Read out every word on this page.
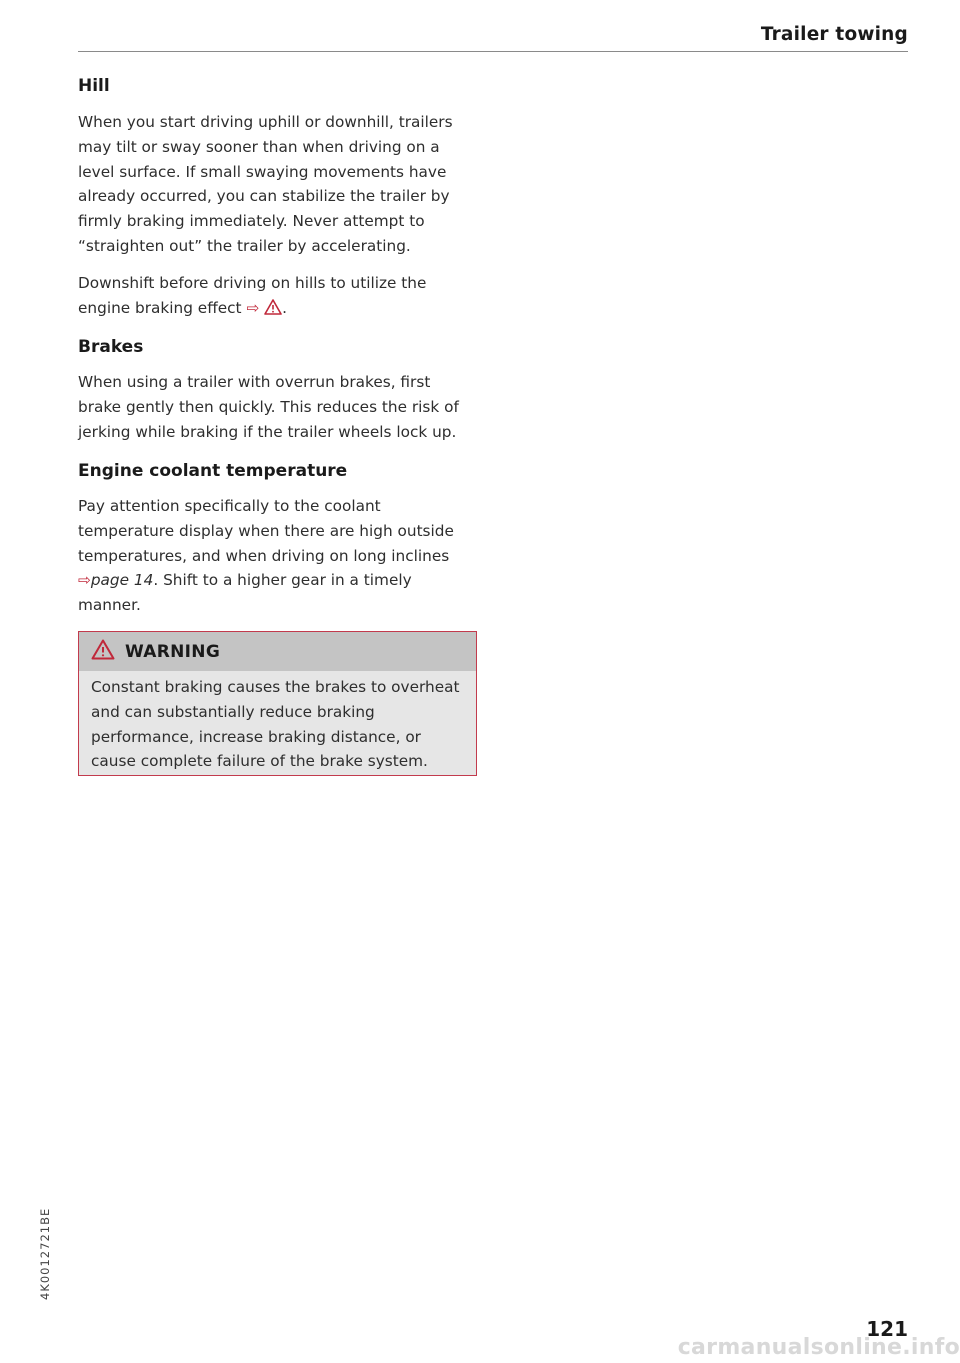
Trailer towing
Hill

When you start driving uphill or downhill, trailers may tilt or sway sooner than when driving on a level surface. If small swaying movements have already occurred, you can stabilize the trailer by firmly braking immediately. Never attempt to “straighten out” the trailer by accelerating.

Downshift before driving on hills to utilize the engine braking effect ⇨ .

Brakes

When using a trailer with overrun brakes, first brake gently then quickly. This reduces the risk of jerking while braking if the trailer wheels lock up.

Engine coolant temperature

Pay attention specifically to the coolant temperature display when there are high outside temperatures, and when driving on long inclines ⇨page 14. Shift to a higher gear in a timely manner.

WARNING

Constant braking causes the brakes to overheat and can substantially reduce braking performance, increase braking distance, or cause complete failure of the brake system.

4K0012721BE
121
carmanualsonline.info
